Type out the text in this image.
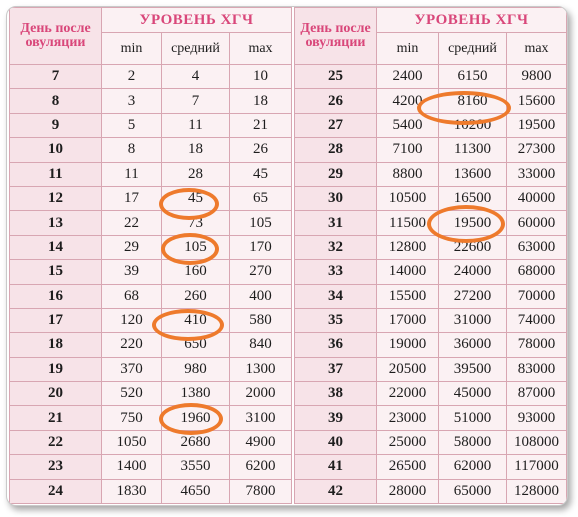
День после овуляции	УРОВЕНЬ ХГЧ		
	min	средний	max
7	2	4	10
8	3	7	18
9	5	11	21
10	8	18	26
11	11	28	45
12	17	45	65
13	22	73	105
14	29	105	170
15	39	160	270
16	68	260	400
17	120	410	580
18	220	650	840
19	370	980	1300
20	520	1380	2000
21	750	1960	3100
22	1050	2680	4900
23	1400	3550	6200
24	1830	4650	7800
День после овуляции	УРОВЕНЬ ХГЧ		
	min	средний	max
25	2400	6150	9800
26	4200	8160	15600
27	5400	10200	19500
28	7100	11300	27300
29	8800	13600	33000
30	10500	16500	40000
31	11500	19500	60000
32	12800	22600	63000
33	14000	24000	68000
34	15500	27200	70000
35	17000	31000	74000
36	19000	36000	78000
37	20500	39500	83000
38	22000	45000	87000
39	23000	51000	93000
40	25000	58000	108000
41	26500	62000	117000
42	28000	65000	128000
